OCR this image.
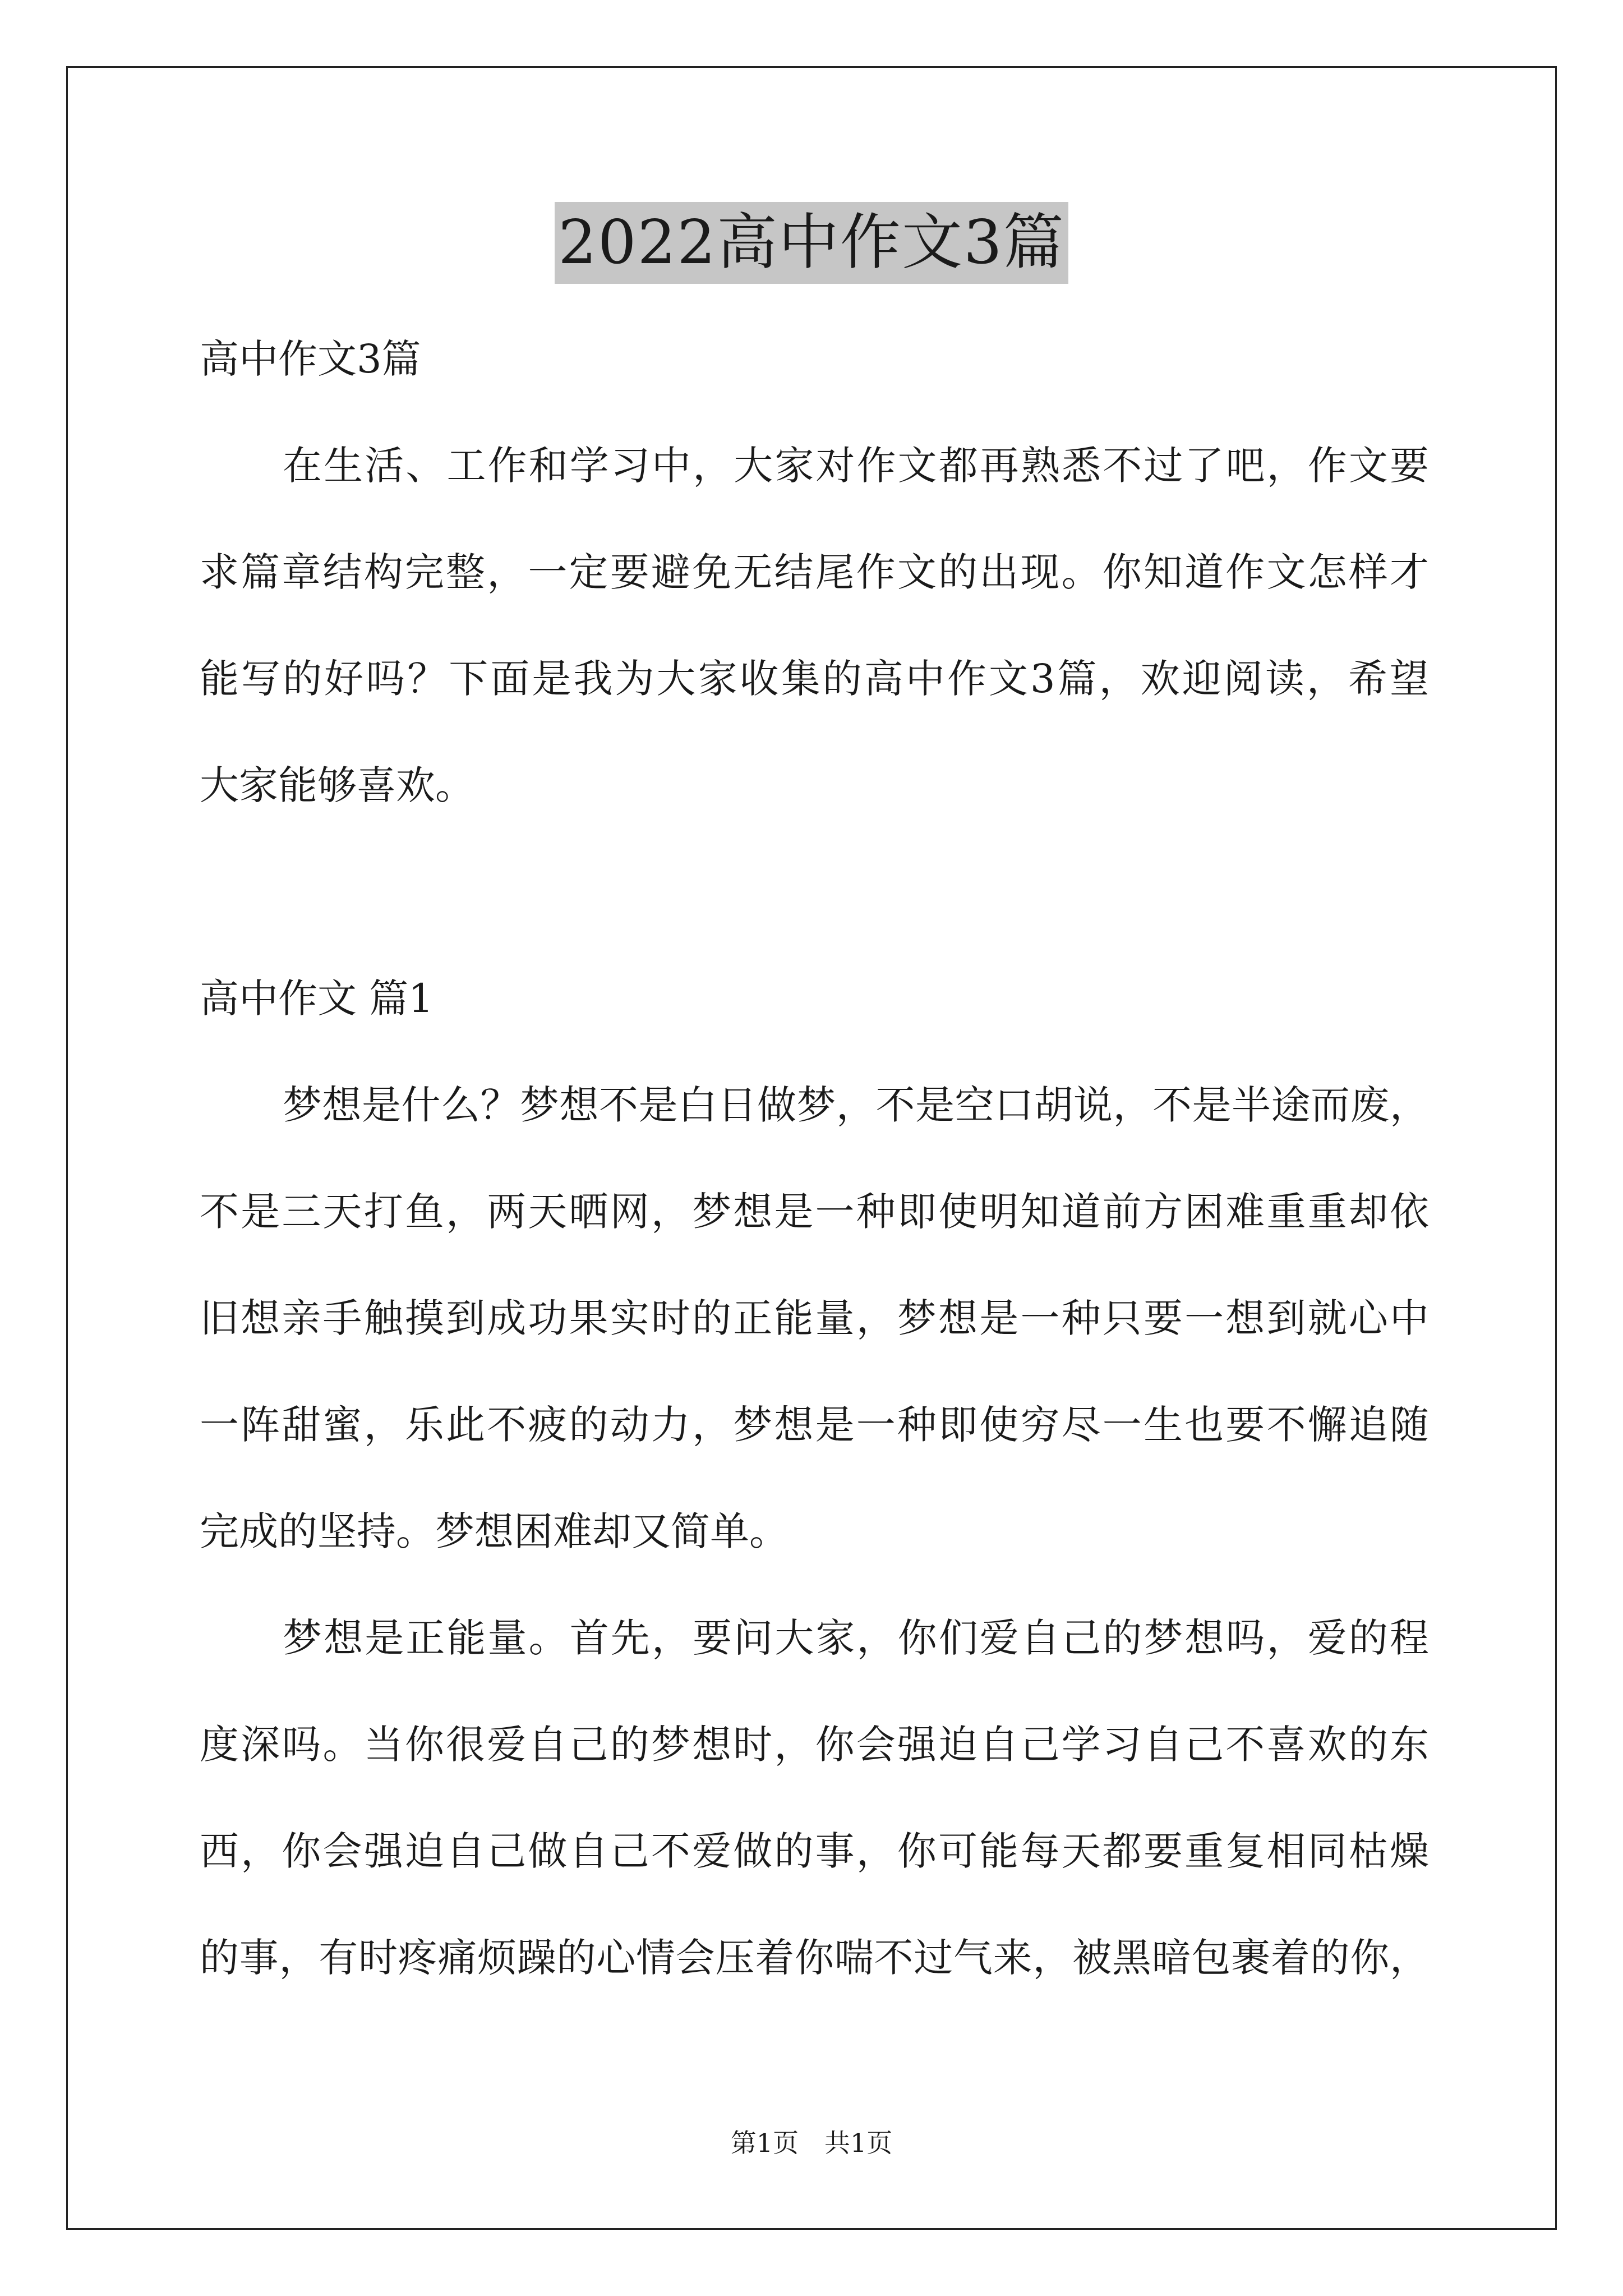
2022高中作文3篇
高中作文3篇
在生活、工作和学习中，大家对作文都再熟悉不过了吧，作文要
求篇章结构完整，一定要避免无结尾作文的出现。你知道作文怎样才
能写的好吗？下面是我为大家收集的高中作文3篇，欢迎阅读，希望
大家能够喜欢。
高中作文 篇1
梦想是什么？梦想不是白日做梦，不是空口胡说，不是半途而废，
不是三天打鱼，两天晒网，梦想是一种即使明知道前方困难重重却依
旧想亲手触摸到成功果实时的正能量，梦想是一种只要一想到就心中
一阵甜蜜，乐此不疲的动力，梦想是一种即使穷尽一生也要不懈追随
完成的坚持。梦想困难却又简单。
梦想是正能量。首先，要问大家，你们爱自己的梦想吗，爱的程
度深吗。当你很爱自己的梦想时，你会强迫自己学习自己不喜欢的东
西，你会强迫自己做自己不爱做的事，你可能每天都要重复相同枯燥
的事，有时疼痛烦躁的心情会压着你喘不过气来，被黑暗包裹着的你，
第1页 共1页
